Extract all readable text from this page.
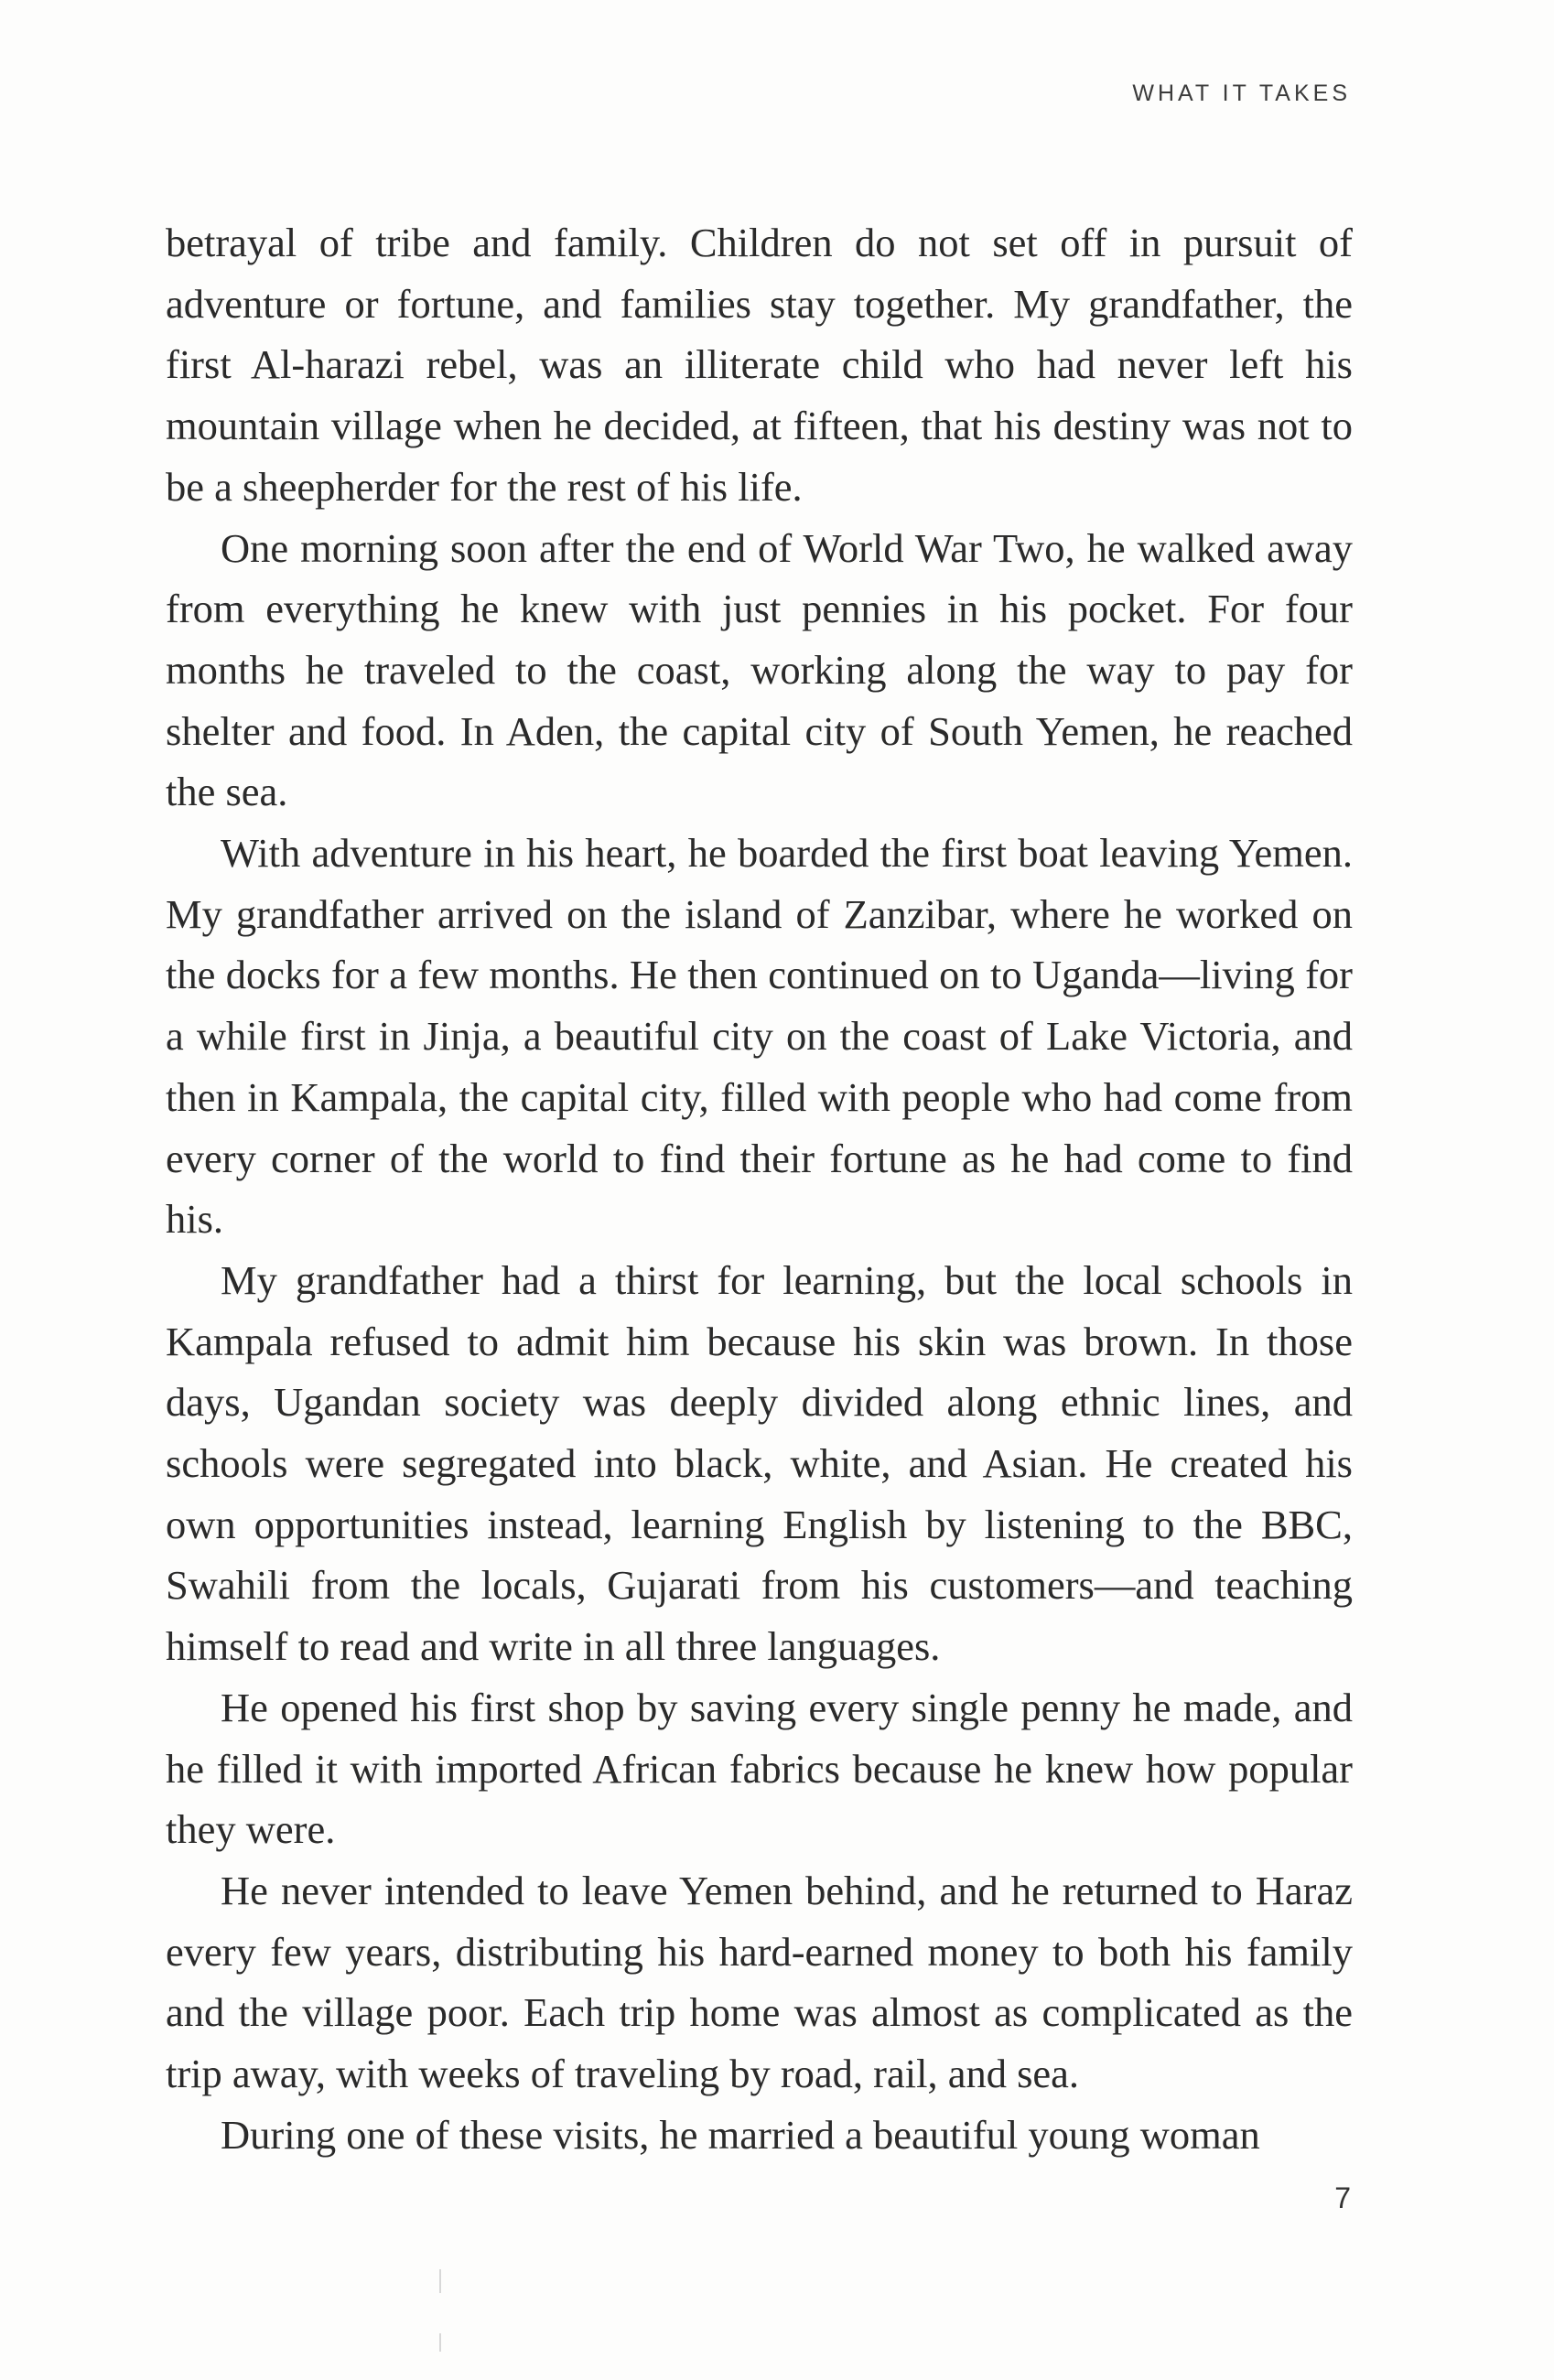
WHAT IT TAKES

betrayal of tribe and family. Children do not set off in pursuit of adventure or fortune, and families stay together. My grandfather, the first Al-harazi rebel, was an illiterate child who had never left his mountain village when he decided, at fifteen, that his destiny was not to be a sheepherder for the rest of his life.

One morning soon after the end of World War Two, he walked away from everything he knew with just pennies in his pocket. For four months he traveled to the coast, working along the way to pay for shelter and food. In Aden, the capital city of South Yemen, he reached the sea.

With adventure in his heart, he boarded the first boat leaving Yemen. My grandfather arrived on the island of Zanzibar, where he worked on the docks for a few months. He then continued on to Uganda—living for a while first in Jinja, a beautiful city on the coast of Lake Victoria, and then in Kampala, the capital city, filled with people who had come from every corner of the world to find their fortune as he had come to find his.

My grandfather had a thirst for learning, but the local schools in Kampala refused to admit him because his skin was brown. In those days, Ugandan society was deeply divided along ethnic lines, and schools were segregated into black, white, and Asian. He created his own opportunities instead, learning English by listening to the BBC, Swahili from the locals, Gujarati from his customers—and teaching himself to read and write in all three languages.

He opened his first shop by saving every single penny he made, and he filled it with imported African fabrics because he knew how popular they were.

He never intended to leave Yemen behind, and he returned to Haraz every few years, distributing his hard-earned money to both his family and the village poor. Each trip home was almost as complicated as the trip away, with weeks of traveling by road, rail, and sea.

During one of these visits, he married a beautiful young woman

7
